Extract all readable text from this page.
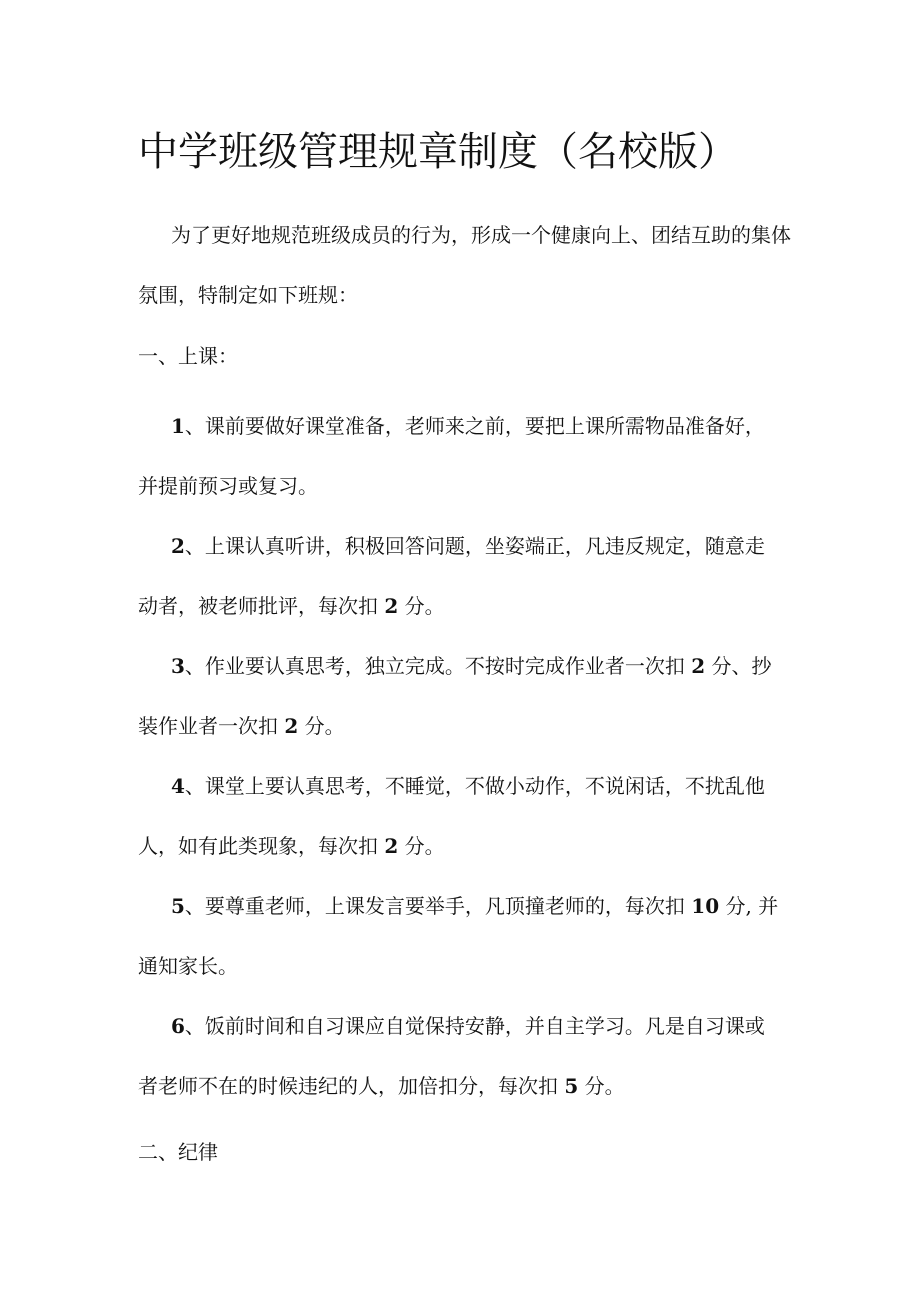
中学班级管理规章制度（名校版）

为了更好地规范班级成员的行为，形成一个健康向上、团结互助的集体
氛围，特制定如下班规：

一、上课：

1、课前要做好课堂准备，老师来之前，要把上课所需物品准备好，
并提前预习或复习。

2、上课认真听讲，积极回答问题，坐姿端正，凡违反规定，随意走
动者，被老师批评，每次扣 2 分。

3、作业要认真思考，独立完成。不按时完成作业者一次扣 2 分、抄
装作业者一次扣 2 分。

4、课堂上要认真思考，不睡觉，不做小动作，不说闲话，不扰乱他
人，如有此类现象，每次扣 2 分。

5、要尊重老师，上课发言要举手，凡顶撞老师的，每次扣 10 分, 并
通知家长。

6、饭前时间和自习课应自觉保持安静，并自主学习。凡是自习课或
者老师不在的时候违纪的人，加倍扣分，每次扣 5 分。

二、纪律
